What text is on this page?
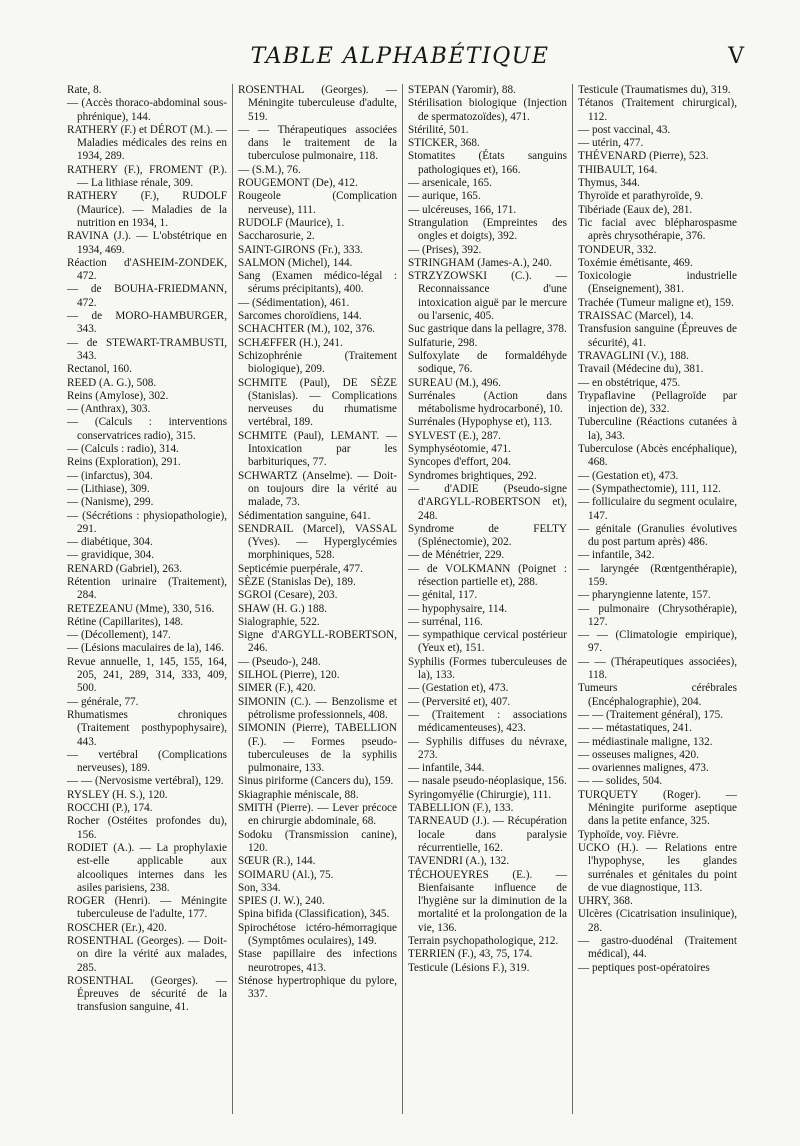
TABLE ALPHABÉTIQUE	V

Rate, 8.

— (Accès thoraco-abdominal sous-phrénique), 144.

RATHERY (F.) et DÉROT (M.). — Maladies médicales des reins en 1934, 289.

RATHERY (F.), FROMENT (P.). — La lithiase rénale, 309.

RATHERY (F.), RUDOLF (Maurice). — Maladies de la nutrition en 1934, 1.

RAVINA (J.). — L'obstétrique en 1934, 469.

Réaction d'ASHEIM-ZONDEK, 472.

— de BOUHA-FRIEDMANN, 472.

— de MORO-HAMBURGER, 343.

— de STEWART-TRAMBUSTI, 343.

Rectanol, 160.

REED (A. G.), 508.

Reins (Amylose), 302.

— (Anthrax), 303.

— (Calculs : interventions conservatrices radio), 315.

— (Calculs : radio), 314.

Reins (Exploration), 291.

— (infarctus), 304.

— (Lithiase), 309.

— (Nanisme), 299.

— (Sécrétions : physiopathologie), 291.

— diabétique, 304.

— gravidique, 304.

RENARD (Gabriel), 263.

Rétention urinaire (Traitement), 284.

RETEZEANU (Mme), 330, 516.

Rétine (Capillarites), 148.

— (Décollement), 147.

— (Lésions maculaires de la), 146.

Revue annuelle, 1, 145, 155, 164, 205, 241, 289, 314, 333, 409, 500.

— générale, 77.

Rhumatismes chroniques (Traitement posthypophysaire), 443.

— vertébral (Complications nerveuses), 189.

— — (Nervosisme vertébral), 129.

RYSLEY (H. S.), 120.

ROCCHI (P.), 174.

Rocher (Ostéites profondes du), 156.

RODIET (A.). — La prophylaxie est-elle applicable aux alcooliques internes dans les asiles parisiens, 238.

ROGER (Henri). — Méningite tuberculeuse de l'adulte, 177.

ROSCHER (Er.), 420.

ROSENTHAL (Georges). — Doit-on dire la vérité aux malades, 285.

ROSENTHAL (Georges). — Épreuves de sécurité de la transfusion sanguine, 41.

ROSENTHAL (Georges). — Méningite tuberculeuse d'adulte, 519.

— — Thérapeutiques associées dans le traitement de la tuberculose pulmonaire, 118.

— (S.M.), 76.

ROUGEMONT (De), 412.

Rougeole (Complication nerveuse), 111.

RUDOLF (Maurice), 1.

Saccharosurie, 2.

SAINT-GIRONS (Fr.), 333.

SALMON (Michel), 144.

Sang (Examen médico-légal : sérums précipitants), 400.

— (Sédimentation), 461.

Sarcomes choroïdiens, 144.

SCHACHTER (M.), 102, 376.

SCHÆFFER (H.), 241.

Schizophrénie (Traitement biologique), 209.

SCHMITE (Paul), DE SÈZE (Stanislas). — Complications nerveuses du rhumatisme vertébral, 189.

SCHMITE (Paul), LEMANT. — Intoxication par les barbituriques, 77.

SCHWARTZ (Anselme). — Doit-on toujours dire la vérité au malade, 73.

Sédimentation sanguine, 641.

SENDRAIL (Marcel), VASSAL (Yves). — Hyperglycémies morphiniques, 528.

Septicémie puerpérale, 477.

SÈZE (Stanislas De), 189.

SGROI (Cesare), 203.

SHAW (H. G.) 188.

Sialographie, 522.

Signe d'ARGYLL-ROBERTSON, 246.

— (Pseudo-), 248.

SILHOL (Pierre), 120.

SIMER (F.), 420.

SIMONIN (C.). — Benzolisme et pétrolisme professionnels, 408.

SIMONIN (Pierre), TABELLION (F.). — Formes pseudo-tuberculeuses de la syphilis pulmonaire, 133.

Sinus piriforme (Cancers du), 159.

Skiagraphie méniscale, 88.

SMITH (Pierre). — Lever précoce en chirurgie abdominale, 68.

Sodoku (Transmission canine), 120.

SŒUR (R.), 144.

SOIMARU (Al.), 75.

Son, 334.

SPIES (J. W.), 240.

Spina bifida (Classification), 345.

Spirochétose ictéro-hémorragique (Symptômes oculaires), 149.

Stase papillaire des infections neurotropes, 413.

Sténose hypertrophique du pylore, 337.

STEPAN (Yaromir), 88.

Stérilisation biologique (Injection de spermatozoïdes), 471.

Stérilité, 501.

STICKER, 368.

Stomatites (États sanguins pathologiques et), 166.

— arsenicale, 165.

— aurique, 165.

— ulcéreuses, 166, 171.

Strangulation (Empreintes des ongles et doigts), 392.

— (Prises), 392.

STRINGHAM (James-A.), 240.

STRZYZOWSKI (C.). — Reconnaissance d'une intoxication aiguë par le mercure ou l'arsenic, 405.

Suc gastrique dans la pellagre, 378.

Sulfaturie, 298.

Sulfoxylate de formaldéhyde sodique, 76.

SUREAU (M.), 496.

Surrénales (Action dans métabolisme hydrocarboné), 10.

Surrénales (Hypophyse et), 113.

SYLVEST (E.), 287.

Symphyséotomie, 471.

Syncopes d'effort, 204.

Syndromes brightiques, 292.

— d'ADIE (Pseudo-signe d'ARGYLL-ROBERTSON et), 248.

Syndrome de FELTY (Splénectomie), 202.

— de Ménétrier, 229.

— de VOLKMANN (Poignet : résection partielle et), 288.

— génital, 117.

— hypophysaire, 114.

— surrénal, 116.

— sympathique cervical postérieur (Yeux et), 151.

Syphilis (Formes tuberculeuses de la), 133.

— (Gestation et), 473.

— (Perversité et), 407.

— (Traitement : associations médicamenteuses), 423.

— Syphilis diffuses du névraxe, 273.

— infantile, 344.

— nasale pseudo-néoplasique, 156.

Syringomyélie (Chirurgie), 111.

TABELLION (F.), 133.

TARNEAUD (J.). — Récupération locale dans paralysie récurrentielle, 162.

TAVENDRI (A.), 132.

TÉCHOUEYRES (E.). — Bienfaisante influence de l'hygiène sur la diminution de la mortalité et la prolongation de la vie, 136.

Terrain psychopathologique, 212.

TERRIEN (F.), 43, 75, 174.

Testicule (Lésions F.), 319.

Testicule (Traumatismes du), 319.

Tétanos (Traitement chirurgical), 112.

— post vaccinal, 43.

— utérin, 477.

THÉVENARD (Pierre), 523.

THIBAULT, 164.

Thymus, 344.

Thyroïde et parathyroïde, 9.

Tibériade (Eaux de), 281.

Tic facial avec blépharospasme après chrysothérapie, 376.

TONDEUR, 332.

Toxémie émétisante, 469.

Toxicologie industrielle (Enseignement), 381.

Trachée (Tumeur maligne et), 159.

TRAISSAC (Marcel), 14.

Transfusion sanguine (Épreuves de sécurité), 41.

TRAVAGLINI (V.), 188.

Travail (Médecine du), 381.

— en obstétrique, 475.

Trypaflavine (Pellagroïde par injection de), 332.

Tuberculine (Réactions cutanées à la), 343.

Tuberculose (Abcès encéphalique), 468.

— (Gestation et), 473.

— (Sympathectomie), 111, 112.

— folliculaire du segment oculaire, 147.

— génitale (Granulies évolutives du post partum après) 486.

— infantile, 342.

— laryngée (Rœntgenthérapie), 159.

— pharyngienne latente, 157.

— pulmonaire (Chrysothérapie), 127.

— — (Climatologie empirique), 97.

— — (Thérapeutiques associées), 118.

Tumeurs cérébrales (Encéphalographie), 204.

— — (Traitement général), 175.

— — métastatiques, 241.

— médiastinale maligne, 132.

— osseuses malignes, 420.

— ovariennes malignes, 473.

— — solides, 504.

TURQUETY (Roger). — Méningite puriforme aseptique dans la petite enfance, 325.

Typhoïde, voy. Fièvre.

UCKO (H.). — Relations entre l'hypophyse, les glandes surrénales et génitales du point de vue diagnostique, 113.

UHRY, 368.

Ulcères (Cicatrisation insulinique), 28.

— gastro-duodénal (Traitement médical), 44.

— peptiques post-opératoires
